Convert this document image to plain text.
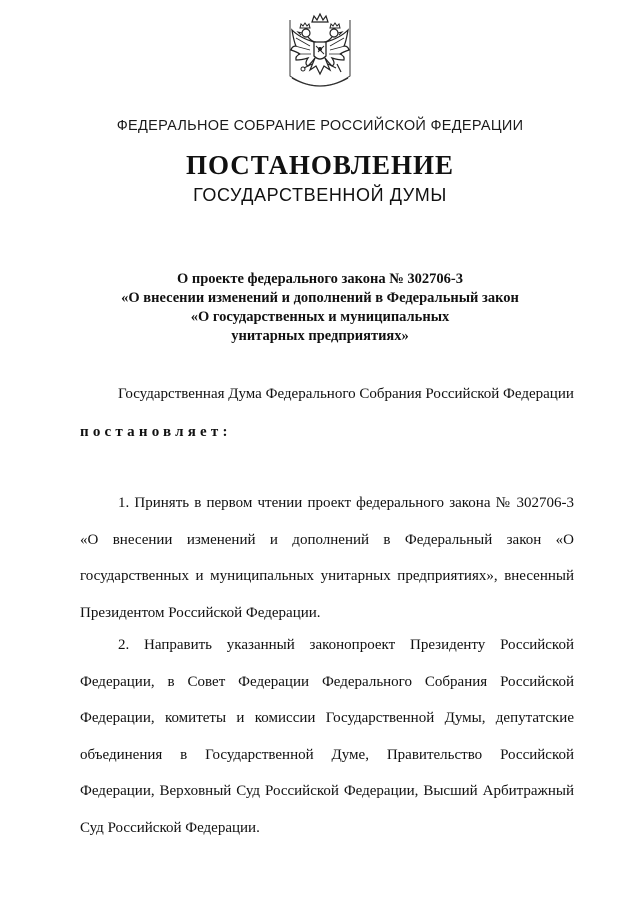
ФЕДЕРАЛЬНОЕ СОБРАНИЕ РОССИЙСКОЙ ФЕДЕРАЦИИ
ПОСТАНОВЛЕНИЕ
ГОСУДАРСТВЕННОЙ ДУМЫ
О проекте федерального закона № 302706-3
«О внесении изменений и дополнений в Федеральный закон
«О государственных и муниципальных
унитарных предприятиях»
Государственная Дума Федерального Собрания Российской Федерации
постановляет:
1. Принять в первом чтении проект федерального закона № 302706-3 «О внесении изменений и дополнений в Федеральный закон «О государственных и муниципальных унитарных предприятиях», внесенный Президентом Российской Федерации.
2. Направить указанный законопроект Президенту Российской Федерации, в Совет Федерации Федерального Собрания Российской Федерации, комитеты и комиссии Государственной Думы, депутатские объединения в Государственной Думе, Правительство Российской Федерации, Верховный Суд Российской Федерации, Высший Арбитражный Суд Российской Федерации.
